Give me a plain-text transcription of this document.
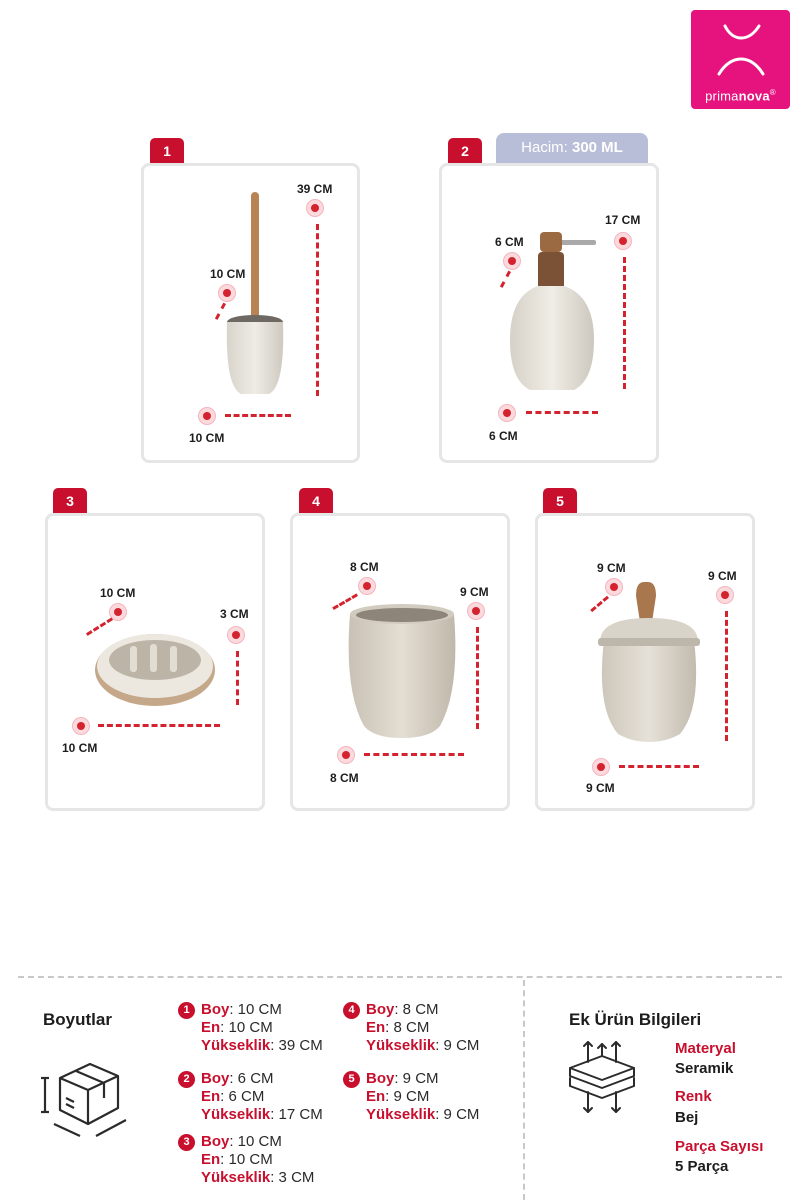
primanova®
1
39 CM
10 CM
10 CM
2	Hacim: 300 ML
6 CM
17 CM
6 CM
3
10 CM
3 CM
10 CM
4
8 CM
9 CM
8 CM
5
9 CM
9 CM
9 CM
Boyutlar	1 Boy: 10 CM
En: 10 CM
Yükseklik: 39 CM
2 Boy: 6 CM
En: 6 CM
Yükseklik: 17 CM
3 Boy: 10 CM
En: 10 CM
Yükseklik: 3 CM
4 Boy: 8 CM
En: 8 CM
Yükseklik: 9 CM
5 Boy: 9 CM
En: 9 CM
Yükseklik: 9 CM
Ek Ürün Bilgileri
Materyal
Seramik
Renk
Bej
Parça Sayısı
5 Parça
